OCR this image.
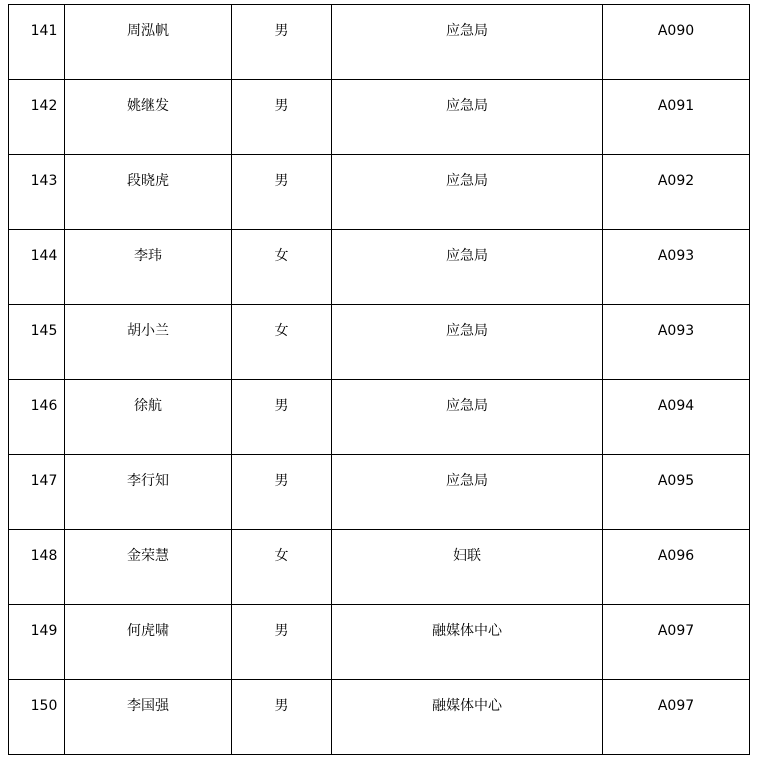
141	周泓帆	男	应急局	A090

142	姚继发	男	应急局	A091

143	段晓虎	男	应急局	A092

144	李玮	女	应急局	A093

145	胡小兰	女	应急局	A093

146	徐航	男	应急局	A094

147	李行知	男	应急局	A095

148	金荣慧	女	妇联	A096

149	何虎啸	男	融媒体中心	A097

150	李国强	男	融媒体中心	A097
